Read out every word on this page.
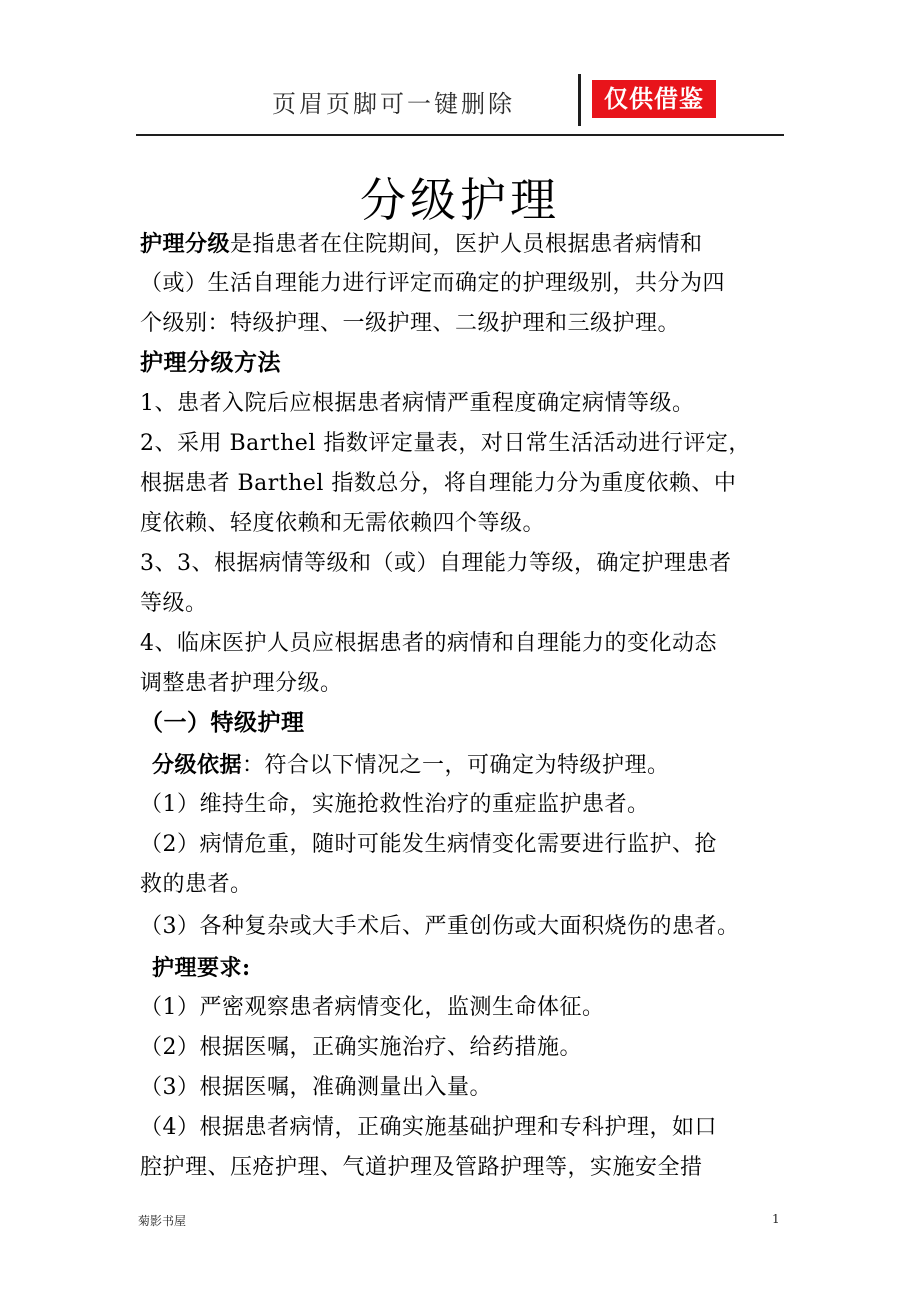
页眉页脚可一键删除	仅供借鉴
分级护理
护理分级是指患者在住院期间，医护人员根据患者病情和
（或）生活自理能力进行评定而确定的护理级别，共分为四
个级别：特级护理、一级护理、二级护理和三级护理。
护理分级方法
1、患者入院后应根据患者病情严重程度确定病情等级。
2、采用 Barthel 指数评定量表，对日常生活活动进行评定，
根据患者 Barthel 指数总分，将自理能力分为重度依赖、中
度依赖、轻度依赖和无需依赖四个等级。
3、3、根据病情等级和（或）自理能力等级，确定护理患者
等级。
4、临床医护人员应根据患者的病情和自理能力的变化动态
调整患者护理分级。
（一）特级护理
分级依据：符合以下情况之一，可确定为特级护理。
（1）维持生命，实施抢救性治疗的重症监护患者。
（2）病情危重，随时可能发生病情变化需要进行监护、抢
救的患者。
（3）各种复杂或大手术后、严重创伤或大面积烧伤的患者。
护理要求:
（1）严密观察患者病情变化，监测生命体征。
（2）根据医嘱，正确实施治疗、给药措施。
（3）根据医嘱，准确测量出入量。
（4）根据患者病情，正确实施基础护理和专科护理，如口
腔护理、压疮护理、气道护理及管路护理等，实施安全措
菊影书屋	1
